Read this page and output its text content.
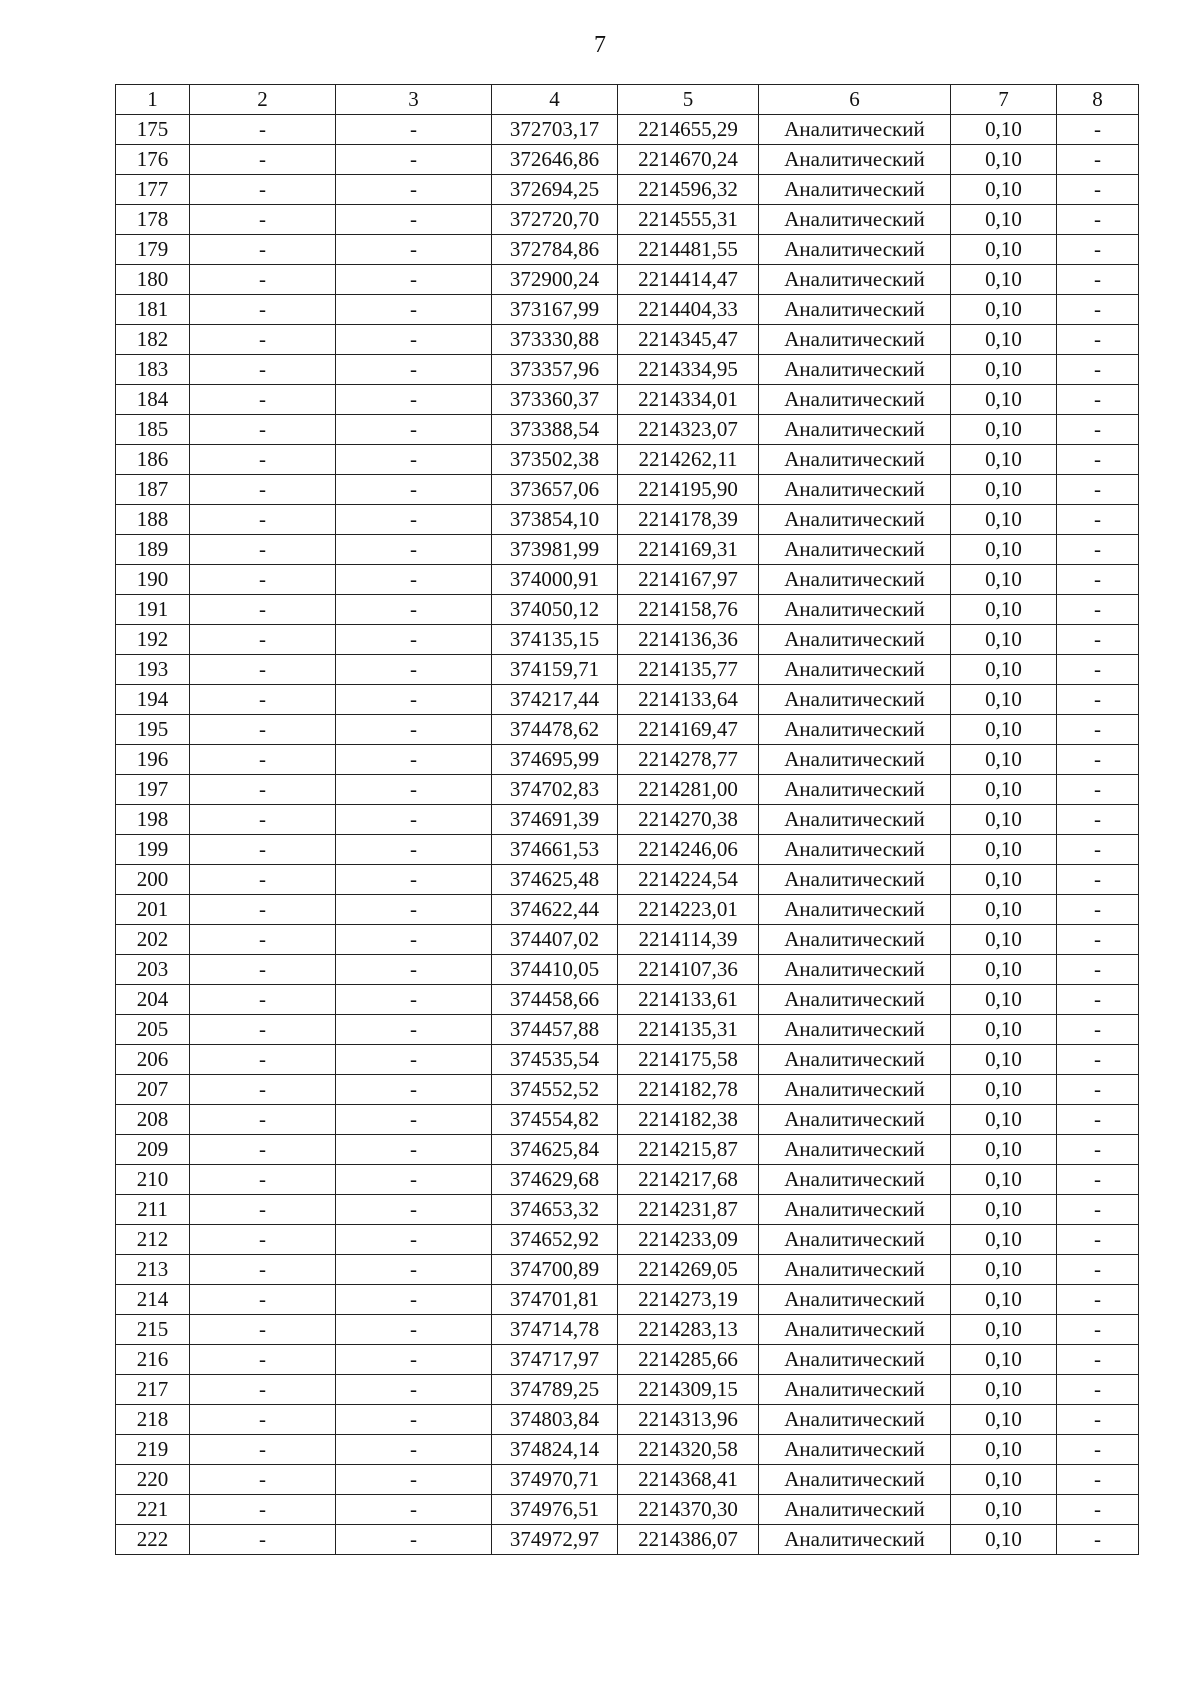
7
1	2	3	4	5	6	7	8
175	-	-	372703,17	2214655,29	Аналитический	0,10	-
176	-	-	372646,86	2214670,24	Аналитический	0,10	-
177	-	-	372694,25	2214596,32	Аналитический	0,10	-
178	-	-	372720,70	2214555,31	Аналитический	0,10	-
179	-	-	372784,86	2214481,55	Аналитический	0,10	-
180	-	-	372900,24	2214414,47	Аналитический	0,10	-
181	-	-	373167,99	2214404,33	Аналитический	0,10	-
182	-	-	373330,88	2214345,47	Аналитический	0,10	-
183	-	-	373357,96	2214334,95	Аналитический	0,10	-
184	-	-	373360,37	2214334,01	Аналитический	0,10	-
185	-	-	373388,54	2214323,07	Аналитический	0,10	-
186	-	-	373502,38	2214262,11	Аналитический	0,10	-
187	-	-	373657,06	2214195,90	Аналитический	0,10	-
188	-	-	373854,10	2214178,39	Аналитический	0,10	-
189	-	-	373981,99	2214169,31	Аналитический	0,10	-
190	-	-	374000,91	2214167,97	Аналитический	0,10	-
191	-	-	374050,12	2214158,76	Аналитический	0,10	-
192	-	-	374135,15	2214136,36	Аналитический	0,10	-
193	-	-	374159,71	2214135,77	Аналитический	0,10	-
194	-	-	374217,44	2214133,64	Аналитический	0,10	-
195	-	-	374478,62	2214169,47	Аналитический	0,10	-
196	-	-	374695,99	2214278,77	Аналитический	0,10	-
197	-	-	374702,83	2214281,00	Аналитический	0,10	-
198	-	-	374691,39	2214270,38	Аналитический	0,10	-
199	-	-	374661,53	2214246,06	Аналитический	0,10	-
200	-	-	374625,48	2214224,54	Аналитический	0,10	-
201	-	-	374622,44	2214223,01	Аналитический	0,10	-
202	-	-	374407,02	2214114,39	Аналитический	0,10	-
203	-	-	374410,05	2214107,36	Аналитический	0,10	-
204	-	-	374458,66	2214133,61	Аналитический	0,10	-
205	-	-	374457,88	2214135,31	Аналитический	0,10	-
206	-	-	374535,54	2214175,58	Аналитический	0,10	-
207	-	-	374552,52	2214182,78	Аналитический	0,10	-
208	-	-	374554,82	2214182,38	Аналитический	0,10	-
209	-	-	374625,84	2214215,87	Аналитический	0,10	-
210	-	-	374629,68	2214217,68	Аналитический	0,10	-
211	-	-	374653,32	2214231,87	Аналитический	0,10	-
212	-	-	374652,92	2214233,09	Аналитический	0,10	-
213	-	-	374700,89	2214269,05	Аналитический	0,10	-
214	-	-	374701,81	2214273,19	Аналитический	0,10	-
215	-	-	374714,78	2214283,13	Аналитический	0,10	-
216	-	-	374717,97	2214285,66	Аналитический	0,10	-
217	-	-	374789,25	2214309,15	Аналитический	0,10	-
218	-	-	374803,84	2214313,96	Аналитический	0,10	-
219	-	-	374824,14	2214320,58	Аналитический	0,10	-
220	-	-	374970,71	2214368,41	Аналитический	0,10	-
221	-	-	374976,51	2214370,30	Аналитический	0,10	-
222	-	-	374972,97	2214386,07	Аналитический	0,10	-
